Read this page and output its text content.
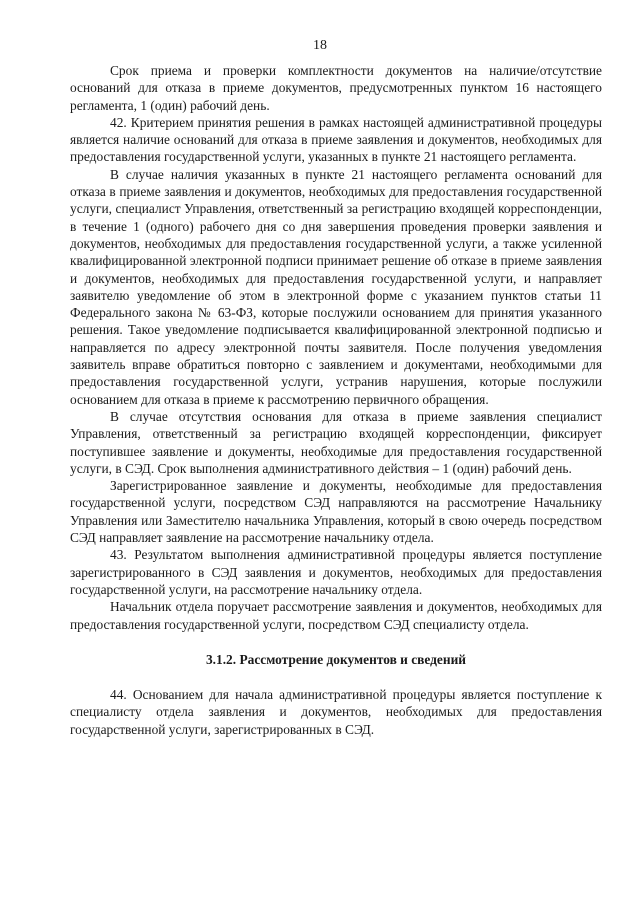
18

Срок приема и проверки комплектности документов на наличие/отсутствие оснований для отказа в приеме документов, предусмотренных пунктом 16 настоящего регламента, 1 (один) рабочий день.

42. Критерием принятия решения в рамках настоящей административной процедуры является наличие оснований для отказа в приеме заявления и документов, необходимых для предоставления государственной услуги, указанных в пункте 21 настоящего регламента.

В случае наличия указанных в пункте 21 настоящего регламента оснований для отказа в приеме заявления и документов, необходимых для предоставления государственной услуги, специалист Управления, ответственный за регистрацию входящей корреспонденции, в течение 1 (одного) рабочего дня со дня завершения проведения проверки заявления и документов, необходимых для предоставления государственной услуги, а также усиленной квалифицированной электронной подписи принимает решение об отказе в приеме заявления и документов, необходимых для предоставления государственной услуги, и направляет заявителю уведомление об этом в электронной форме с указанием пунктов статьи 11 Федерального закона № 63-ФЗ, которые послужили основанием для принятия указанного решения. Такое уведомление подписывается квалифицированной электронной подписью и направляется по адресу электронной почты заявителя. После получения уведомления заявитель вправе обратиться повторно с заявлением и документами, необходимыми для предоставления государственной услуги, устранив нарушения, которые послужили основанием для отказа в приеме к рассмотрению первичного обращения.

В случае отсутствия основания для отказа в приеме заявления специалист Управления, ответственный за регистрацию входящей корреспонденции, фиксирует поступившее заявление и документы, необходимые для предоставления государственной услуги, в СЭД. Срок выполнения административного действия – 1 (один) рабочий день.

Зарегистрированное заявление и документы, необходимые для предоставления государственной услуги, посредством СЭД направляются на рассмотрение Начальнику Управления или Заместителю начальника Управления, который в свою очередь посредством СЭД направляет заявление на рассмотрение начальнику отдела.

43. Результатом выполнения административной процедуры является поступление зарегистрированного в СЭД заявления и документов, необходимых для предоставления государственной услуги, на рассмотрение начальнику отдела.

Начальник отдела поручает рассмотрение заявления и документов, необходимых для предоставления государственной услуги, посредством СЭД специалисту отдела.

3.1.2. Рассмотрение документов и сведений

44. Основанием для начала административной процедуры является поступление к специалисту отдела заявления и документов, необходимых для предоставления государственной услуги, зарегистрированных в СЭД.
